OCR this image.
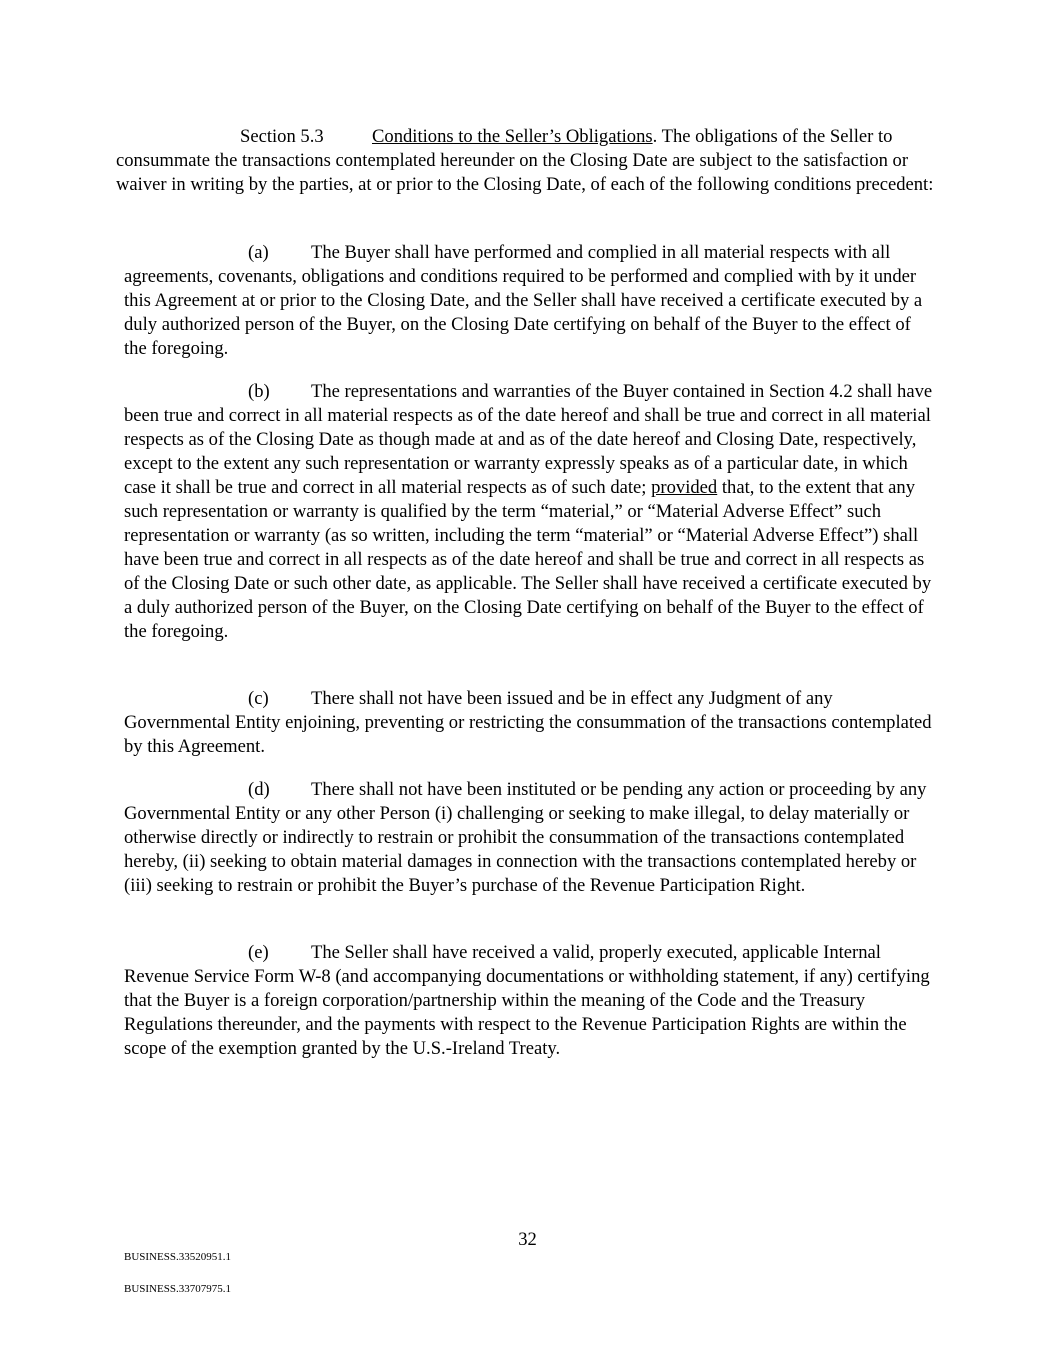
Section 5.3	Conditions to the Seller’s Obligations. The obligations of the Seller to consummate the transactions contemplated hereunder on the Closing Date are subject to the satisfaction or waiver in writing by the parties, at or prior to the Closing Date, of each of the following conditions precedent:

(a) The Buyer shall have performed and complied in all material respects with all agreements, covenants, obligations and conditions required to be performed and complied with by it under this Agreement at or prior to the Closing Date, and the Seller shall have received a certificate executed by a duly authorized person of the Buyer, on the Closing Date certifying on behalf of the Buyer to the effect of the foregoing.

(b) The representations and warranties of the Buyer contained in Section 4.2 shall have been true and correct in all material respects as of the date hereof and shall be true and correct in all material respects as of the Closing Date as though made at and as of the date hereof and Closing Date, respectively, except to the extent any such representation or warranty expressly speaks as of a particular date, in which case it shall be true and correct in all material respects as of such date; provided that, to the extent that any such representation or warranty is qualified by the term “material,” or “Material Adverse Effect” such representation or warranty (as so written, including the term “material” or “Material Adverse Effect”) shall have been true and correct in all respects as of the date hereof and shall be true and correct in all respects as of the Closing Date or such other date, as applicable. The Seller shall have received a certificate executed by a duly authorized person of the Buyer, on the Closing Date certifying on behalf of the Buyer to the effect of the foregoing.

(c) There shall not have been issued and be in effect any Judgment of any Governmental Entity enjoining, preventing or restricting the consummation of the transactions contemplated by this Agreement.

(d) There shall not have been instituted or be pending any action or proceeding by any Governmental Entity or any other Person (i) challenging or seeking to make illegal, to delay materially or otherwise directly or indirectly to restrain or prohibit the consummation of the transactions contemplated hereby, (ii) seeking to obtain material damages in connection with the transactions contemplated hereby or (iii) seeking to restrain or prohibit the Buyer’s purchase of the Revenue Participation Right.

(e) The Seller shall have received a valid, properly executed, applicable Internal Revenue Service Form W-8 (and accompanying documentations or withholding statement, if any) certifying that the Buyer is a foreign corporation/partnership within the meaning of the Code and the Treasury Regulations thereunder, and the payments with respect to the Revenue Participation Rights are within the scope of the exemption granted by the U.S.-Ireland Treaty.

32
BUSINESS.33520951.1
BUSINESS.33707975.1
